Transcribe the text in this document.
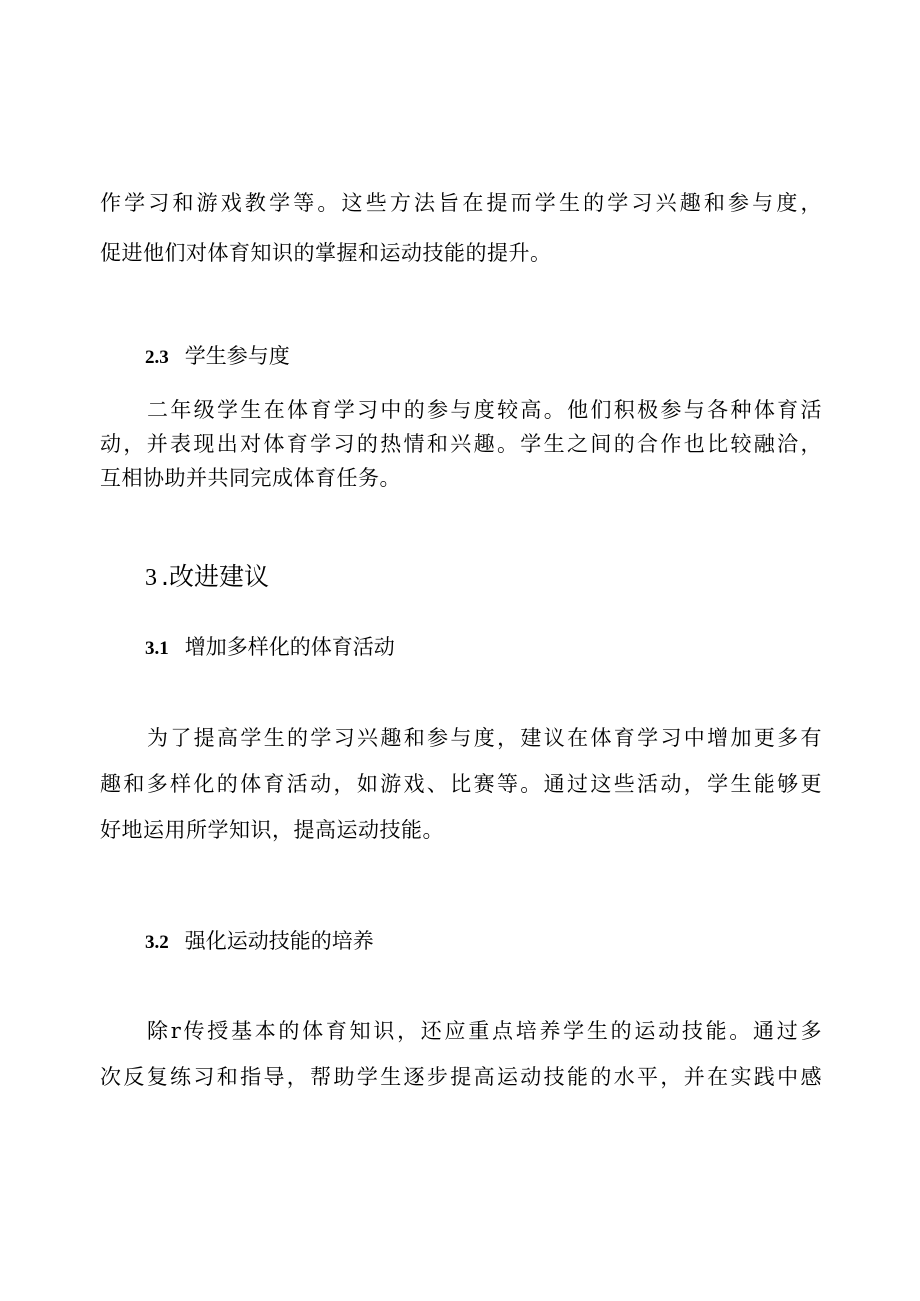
作学习和游戏教学等。这些方法旨在提而学生的学习兴趣和参与度，
促进他们对体育知识的掌握和运动技能的提升。
2.3 学生参与度
二年级学生在体育学习中的参与度较高。他们积极参与各种体育活
动，并表现出对体育学习的热情和兴趣。学生之间的合作也比较融洽，
互相协助并共同完成体育任务。
3 .改进建议
3.1 增加多样化的体育活动
为了提高学生的学习兴趣和参与度，建议在体育学习中增加更多有
趣和多样化的体育活动，如游戏、比赛等。通过这些活动，学生能够更
好地运用所学知识，提高运动技能。
3.2 强化运动技能的培养
除r传授基本的体育知识，还应重点培养学生的运动技能。通过多
次反复练习和指导，帮助学生逐步提高运动技能的水平，并在实践中感
